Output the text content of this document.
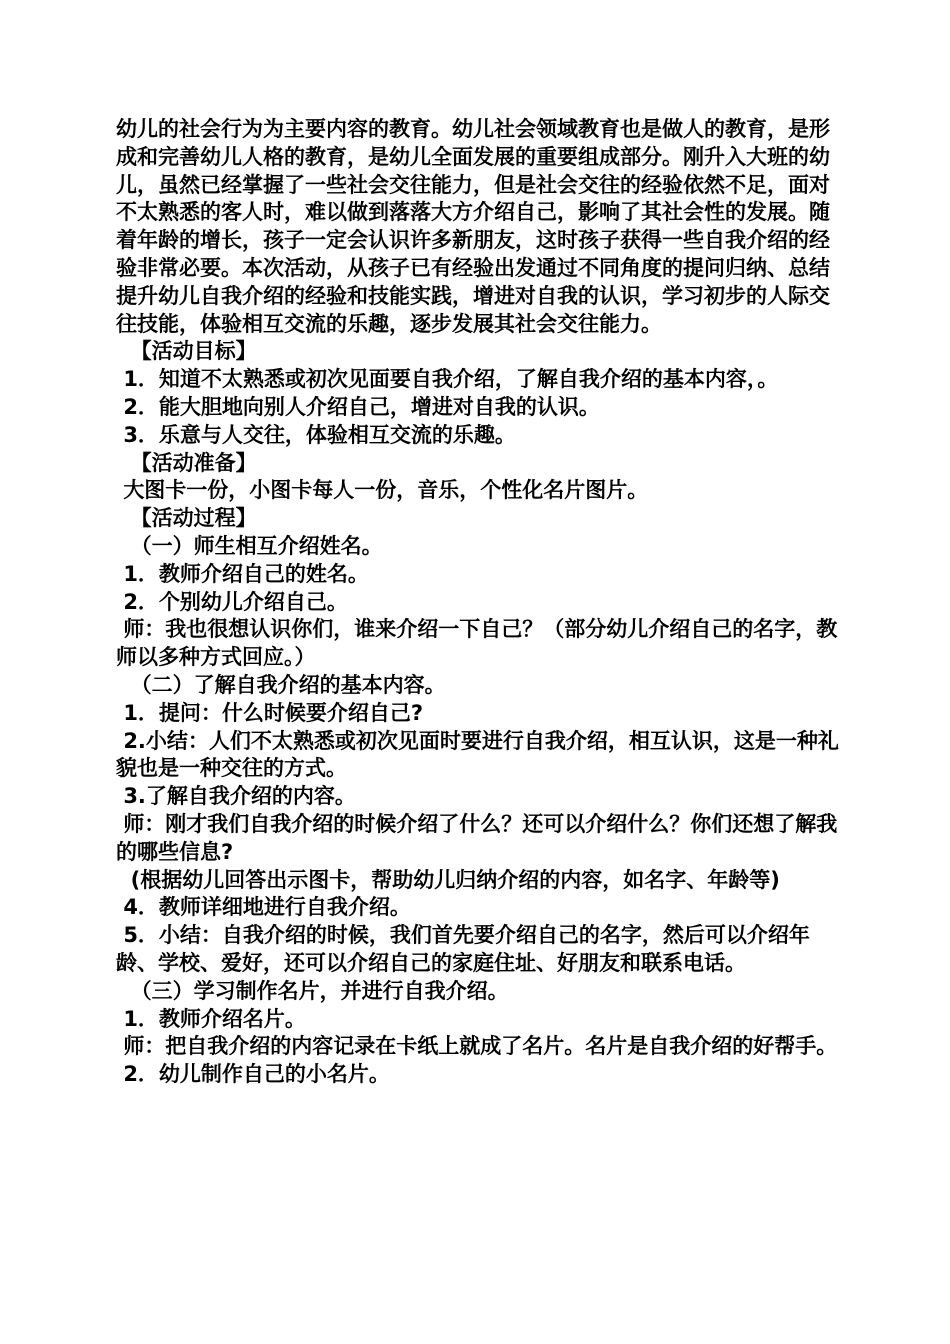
幼儿的社会行为为主要内容的教育。幼儿社会领域教育也是做人的教育，是形成和完善幼儿人格的教育，是幼儿全面发展的重要组成部分。刚升入大班的幼儿，虽然已经掌握了一些社会交往能力，但是社会交往的经验依然不足，面对不太熟悉的客人时，难以做到落落大方介绍自己，影响了其社会性的发展。随着年龄的增长，孩子一定会认识许多新朋友，这时孩子获得一些自我介绍的经验非常必要。本次活动，从孩子已有经验出发通过不同角度的提问归纳、总结提升幼儿自我介绍的经验和技能实践，增进对自我的认识，学习初步的人际交往技能，体验相互交流的乐趣，逐步发展其社会交往能力。

【活动目标】

1．知道不太熟悉或初次见面要自我介绍，了解自我介绍的基本内容，。

2．能大胆地向别人介绍自己，增进对自我的认识。

3．乐意与人交往，体验相互交流的乐趣。

【活动准备】

大图卡一份，小图卡每人一份，音乐，个性化名片图片。

【活动过程】

（一）师生相互介绍姓名。

1．教师介绍自己的姓名。

2．个别幼儿介绍自己。

师：我也很想认识你们，谁来介绍一下自己？（部分幼儿介绍自己的名字，教师以多种方式回应。）

（二）了解自我介绍的基本内容。

1．提问：什么时候要介绍自己?

2.小结：人们不太熟悉或初次见面时要进行自我介绍，相互认识，这是一种礼貌也是一种交往的方式。

3.了解自我介绍的内容。

师：刚才我们自我介绍的时候介绍了什么？还可以介绍什么？你们还想了解我的哪些信息?

(根据幼儿回答出示图卡，帮助幼儿归纳介绍的内容，如名字、年龄等)

4．教师详细地进行自我介绍。

5．小结：自我介绍的时候，我们首先要介绍自己的名字，然后可以介绍年龄、学校、爱好，还可以介绍自己的家庭住址、好朋友和联系电话。

（三）学习制作名片，并进行自我介绍。

1．教师介绍名片。

师：把自我介绍的内容记录在卡纸上就成了名片。名片是自我介绍的好帮手。

2．幼儿制作自己的小名片。
